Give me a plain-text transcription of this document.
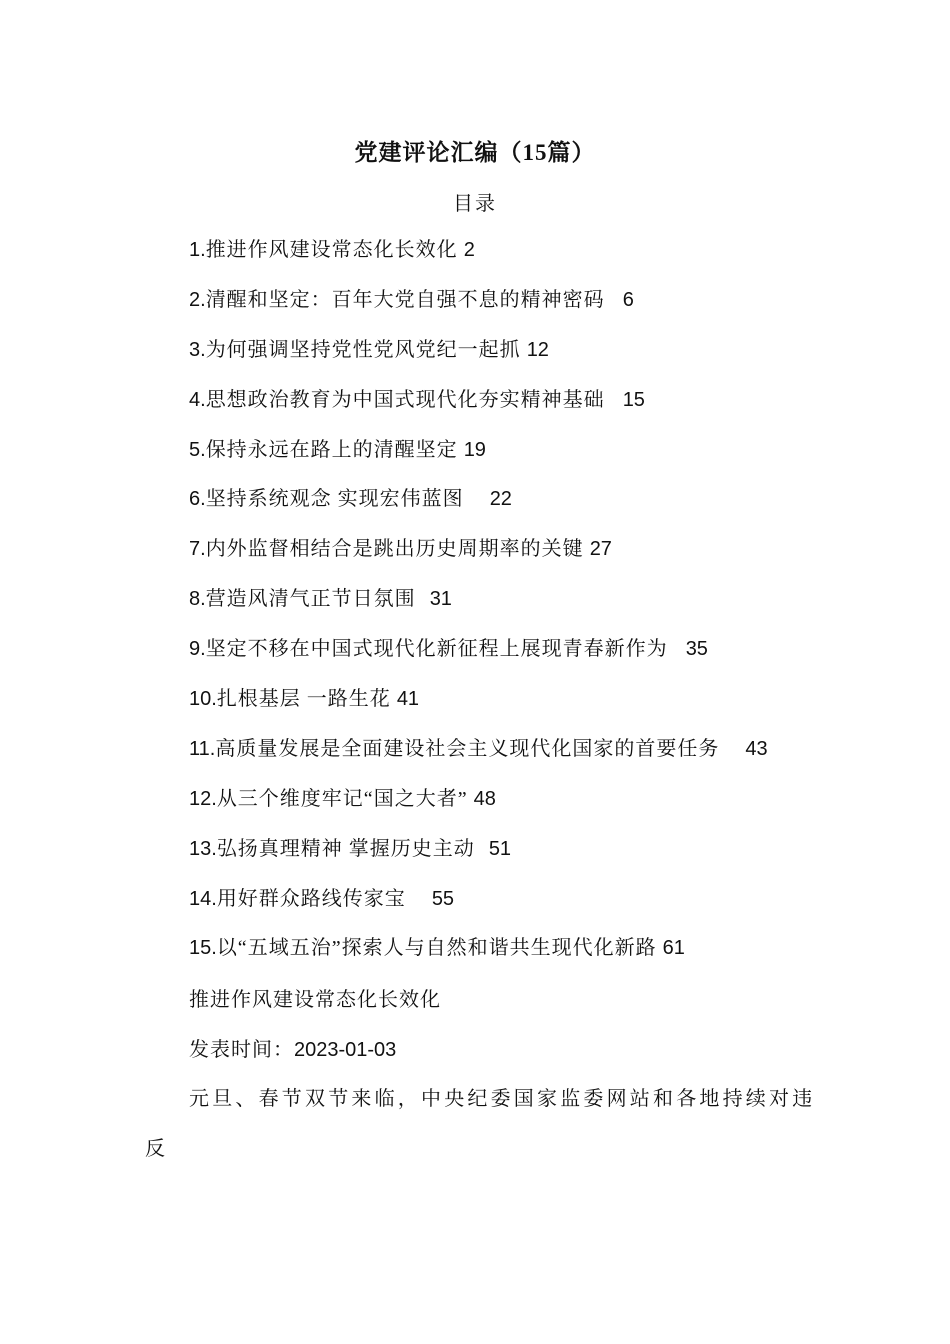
党建评论汇编（15篇）
目录
1.推进作风建设常态化长效化 2
2.清醒和坚定：百年大党自强不息的精神密码 6
3.为何强调坚持党性党风党纪一起抓 12
4.思想政治教育为中国式现代化夯实精神基础 15
5.保持永远在路上的清醒坚定 19
6.坚持系统观念 实现宏伟蓝图 22
7.内外监督相结合是跳出历史周期率的关键 27
8.营造风清气正节日氛围 31
9.坚定不移在中国式现代化新征程上展现青春新作为 35
10.扎根基层 一路生花 41
11.高质量发展是全面建设社会主义现代化国家的首要任务 43
12.从三个维度牢记“国之大者” 48
13.弘扬真理精神 掌握历史主动 51
14.用好群众路线传家宝 55
15.以“五域五治”探索人与自然和谐共生现代化新路 61
推进作风建设常态化长效化
发表时间：2023-01-03
元旦、春节双节来临，中央纪委国家监委网站和各地持续对违
反
